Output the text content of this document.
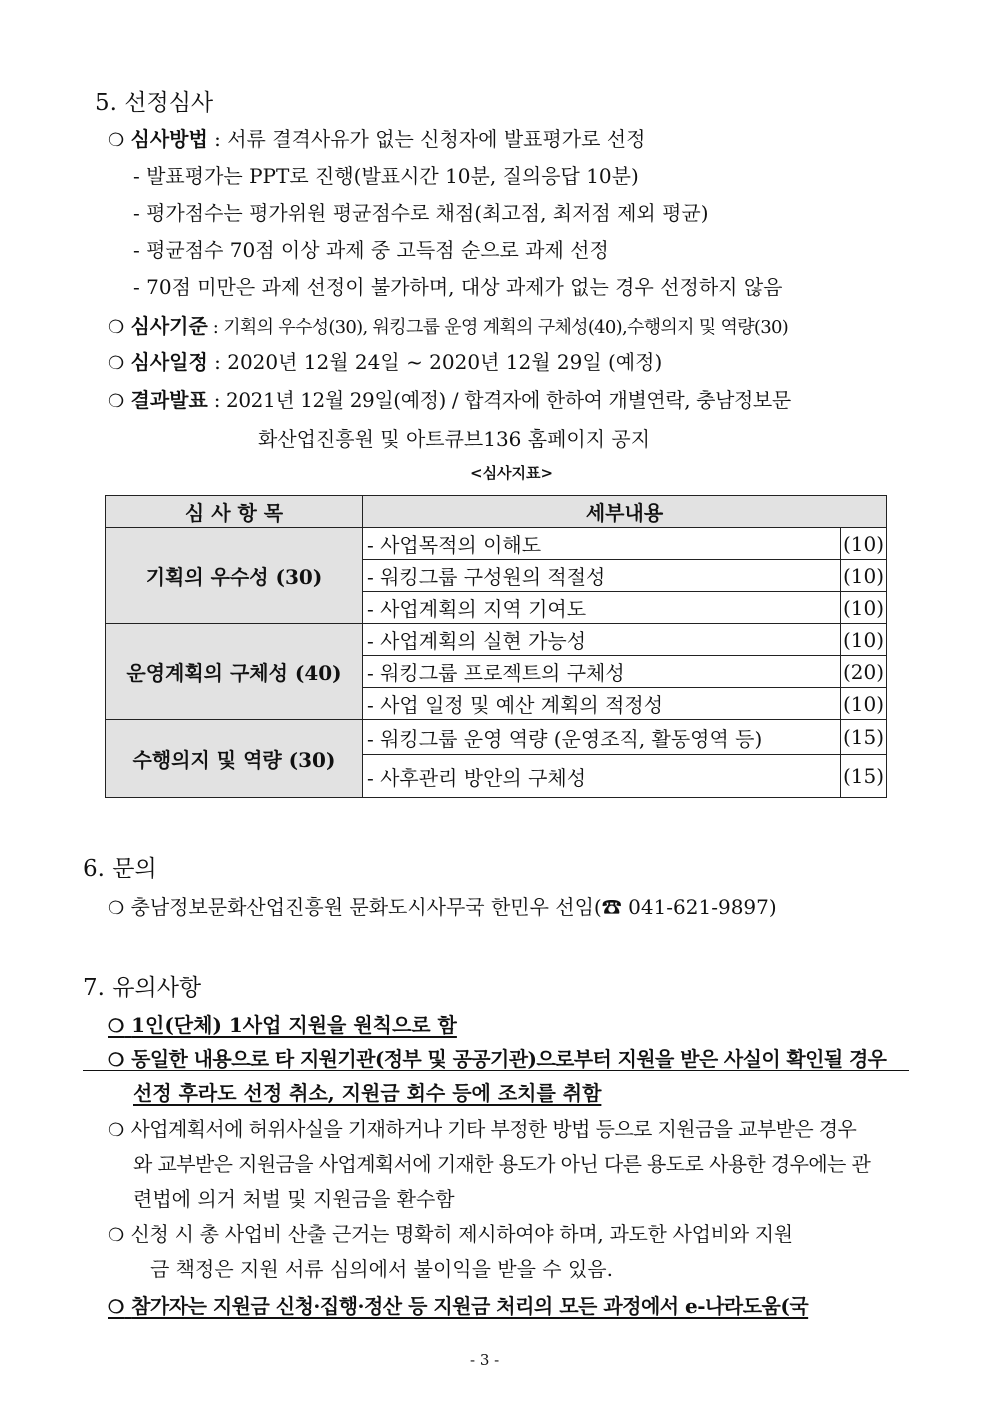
5. 선정심사
❍ 심사방법 : 서류 결격사유가 없는 신청자에 발표평가로 선정
- 발표평가는 PPT로 진행(발표시간 10분, 질의응답 10분)
- 평가점수는 평가위원 평균점수로 채점(최고점, 최저점 제외 평균)
- 평균점수 70점 이상 과제 중 고득점 순으로 과제 선정
- 70점 미만은 과제 선정이 불가하며, 대상 과제가 없는 경우 선정하지 않음
❍ 심사기준 : 기획의 우수성(30), 워킹그룹 운영 계획의 구체성(40),수행의지 및 역량(30)
❍ 심사일정 : 2020년 12월 24일 ~ 2020년 12월 29일 (예정)
❍ 결과발표 : 2021년 12월 29일(예정) / 합격자에 한하여 개별연락, 충남정보문
화산업진흥원 및 아트큐브136 홈페이지 공지
<심사지표>
심 사 항 목	세부내용	
기획의 우수성 (30)	- 사업목적의 이해도	(10)
	- 워킹그룹 구성원의 적절성	(10)
	- 사업계획의 지역 기여도	(10)
운영계획의 구체성 (40)	- 사업계획의 실현 가능성	(10)
	- 워킹그룹 프로젝트의 구체성	(20)
	- 사업 일정 및 예산 계획의 적정성	(10)
수행의지 및 역량 (30)	- 워킹그룹 운영 역량 (운영조직, 활동영역 등)	(15)
	- 사후관리 방안의 구체성	(15)
6. 문의
❍ 충남정보문화산업진흥원 문화도시사무국 한민우 선임(☎ 041-621-9897)
7. 유의사항
❍ 1인(단체) 1사업 지원을 원칙으로 함
❍ 동일한 내용으로 타 지원기관(정부 및 공공기관)으로부터 지원을 받은 사실이 확인될 경우
선정 후라도 선정 취소, 지원금 회수 등에 조치를 취함
❍ 사업계획서에 허위사실을 기재하거나 기타 부정한 방법 등으로 지원금을 교부받은 경우
와 교부받은 지원금을 사업계획서에 기재한 용도가 아닌 다른 용도로 사용한 경우에는 관
련법에 의거 처벌 및 지원금을 환수함
❍ 신청 시 총 사업비 산출 근거는 명확히 제시하여야 하며, 과도한 사업비와 지원
금 책정은 지원 서류 심의에서 불이익을 받을 수 있음.
❍ 참가자는 지원금 신청·집행·정산 등 지원금 처리의 모든 과정에서 e-나라도움(국
- 3 -
